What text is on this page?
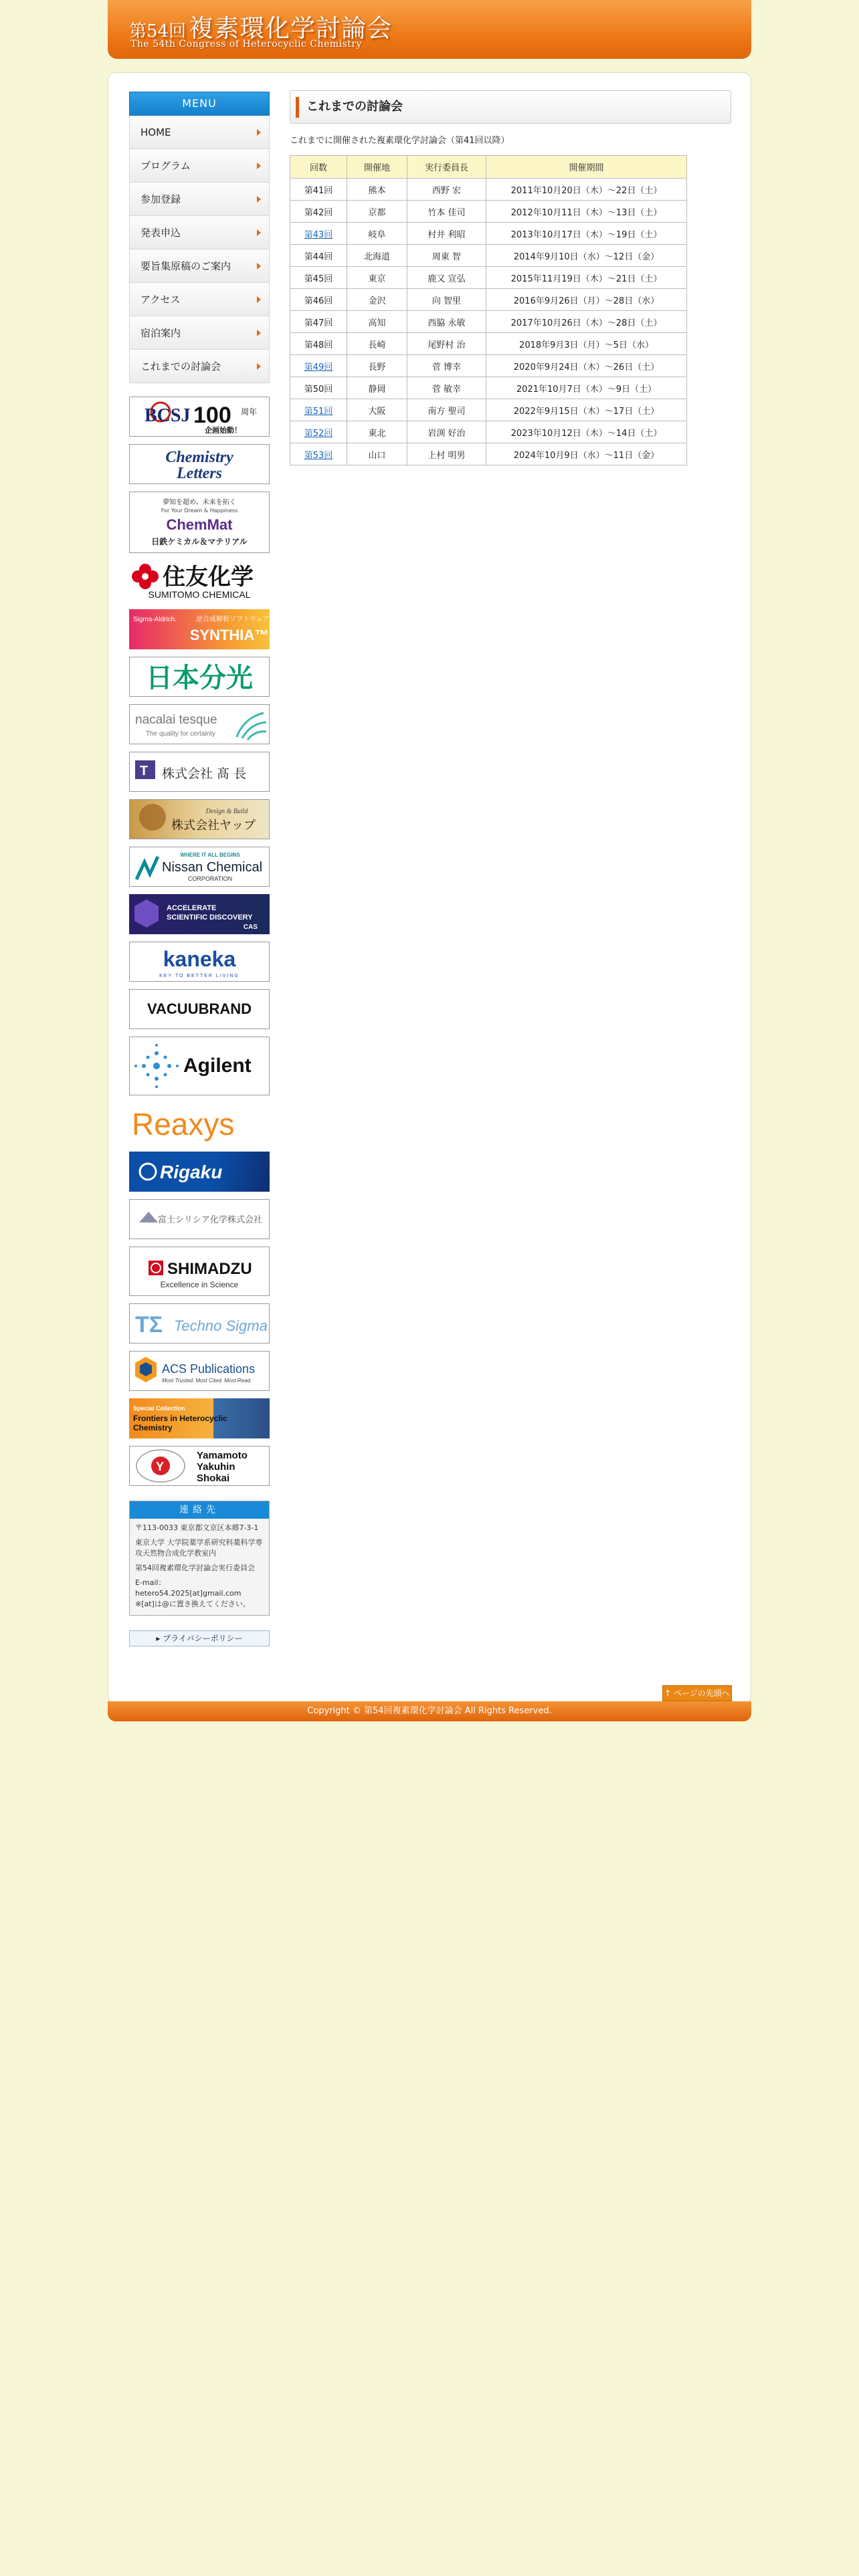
第54回 複素環化学討論会
The 54th Congress of Heterocyclic Chemistry
MENU
HOME
プログラム
参加登録
発表申込
要旨集原稿のご案内
アクセス
宿泊案内
これまでの討論会
BCSJ 100 周年
企画始動！
Chemistry
Letters
夢知を超め、未来を拓く
For Your Dream & Happiness
ChemMat
日鉄ケミカル＆マテリアル
住友化学
SUMITOMO CHEMICAL
Sigma-Aldrich.	逆合成解析ソフトウェア
SYNTHIA™
日本分光
nacalai tesque
The quality for certainty
T 株式会社 髙 長
Design & Build
株式会社ヤップ
WHERE IT ALL BEGINS
Nissan Chemical
CORPORATION
ACCELERATE
SCIENTIFIC DISCOVERY
CAS
kaneka
KEY TO BETTER LIVING
VACUUBRAND
Agilent
Reaxys
Rigaku
富士シリシア化学株式会社
SHIMADZU
Excellence in Science
TΣ Techno Sigma
ACS Publications
Most Trusted. Most Cited. Most Read.
Special Collection
Frontiers in Heterocyclic
Chemistry
Y
Yamamoto
Yakuhin
Shokai
連絡先
〒113-0033 東京都文京区本郷7-3-1
東京大学 大学院薬学系研究科薬科学専攻天然物合成化学教室内
第54回複素環化学討論会実行委員会
E-mail：
hetero54.2025[at]gmail.com
※[at]は@に置き換えてください。
▸ プライバシーポリシー
これまでの討論会
これまでに開催された複素環化学討論会（第41回以降）
回数	開催地	実行委員長	開催期間
第41回	熊本	西野 宏	2011年10月20日（木）〜22日（土）
第42回	京都	竹本 佳司	2012年10月11日（木）〜13日（土）
第43回	岐阜	村井 利昭	2013年10月17日（木）〜19日（土）
第44回	北海道	周東 智	2014年9月10日（水）〜12日（金）
第45回	東京	鹿又 宣弘	2015年11月19日（木）〜21日（土）
第46回	金沢	向 智里	2016年9月26日（月）〜28日（水）
第47回	高知	西脇 永敏	2017年10月26日（木）〜28日（土）
第48回	長崎	尾野村 治	2018年9月3日（月）〜5日（水）
第49回	長野	菅 博幸	2020年9月24日（木）〜26日（土）
第50回	静岡	菅 敏幸	2021年10月7日（木）〜9日（土）
第51回	大阪	南方 聖司	2022年9月15日（木）〜17日（土）
第52回	東北	岩渕 好治	2023年10月12日（木）〜14日（土）
第53回	山口	上村 明男	2024年10月9日（水）〜11日（金）
↑ ページの先頭へ
Copyright © 第54回複素環化学討論会 All Rights Reserved.
